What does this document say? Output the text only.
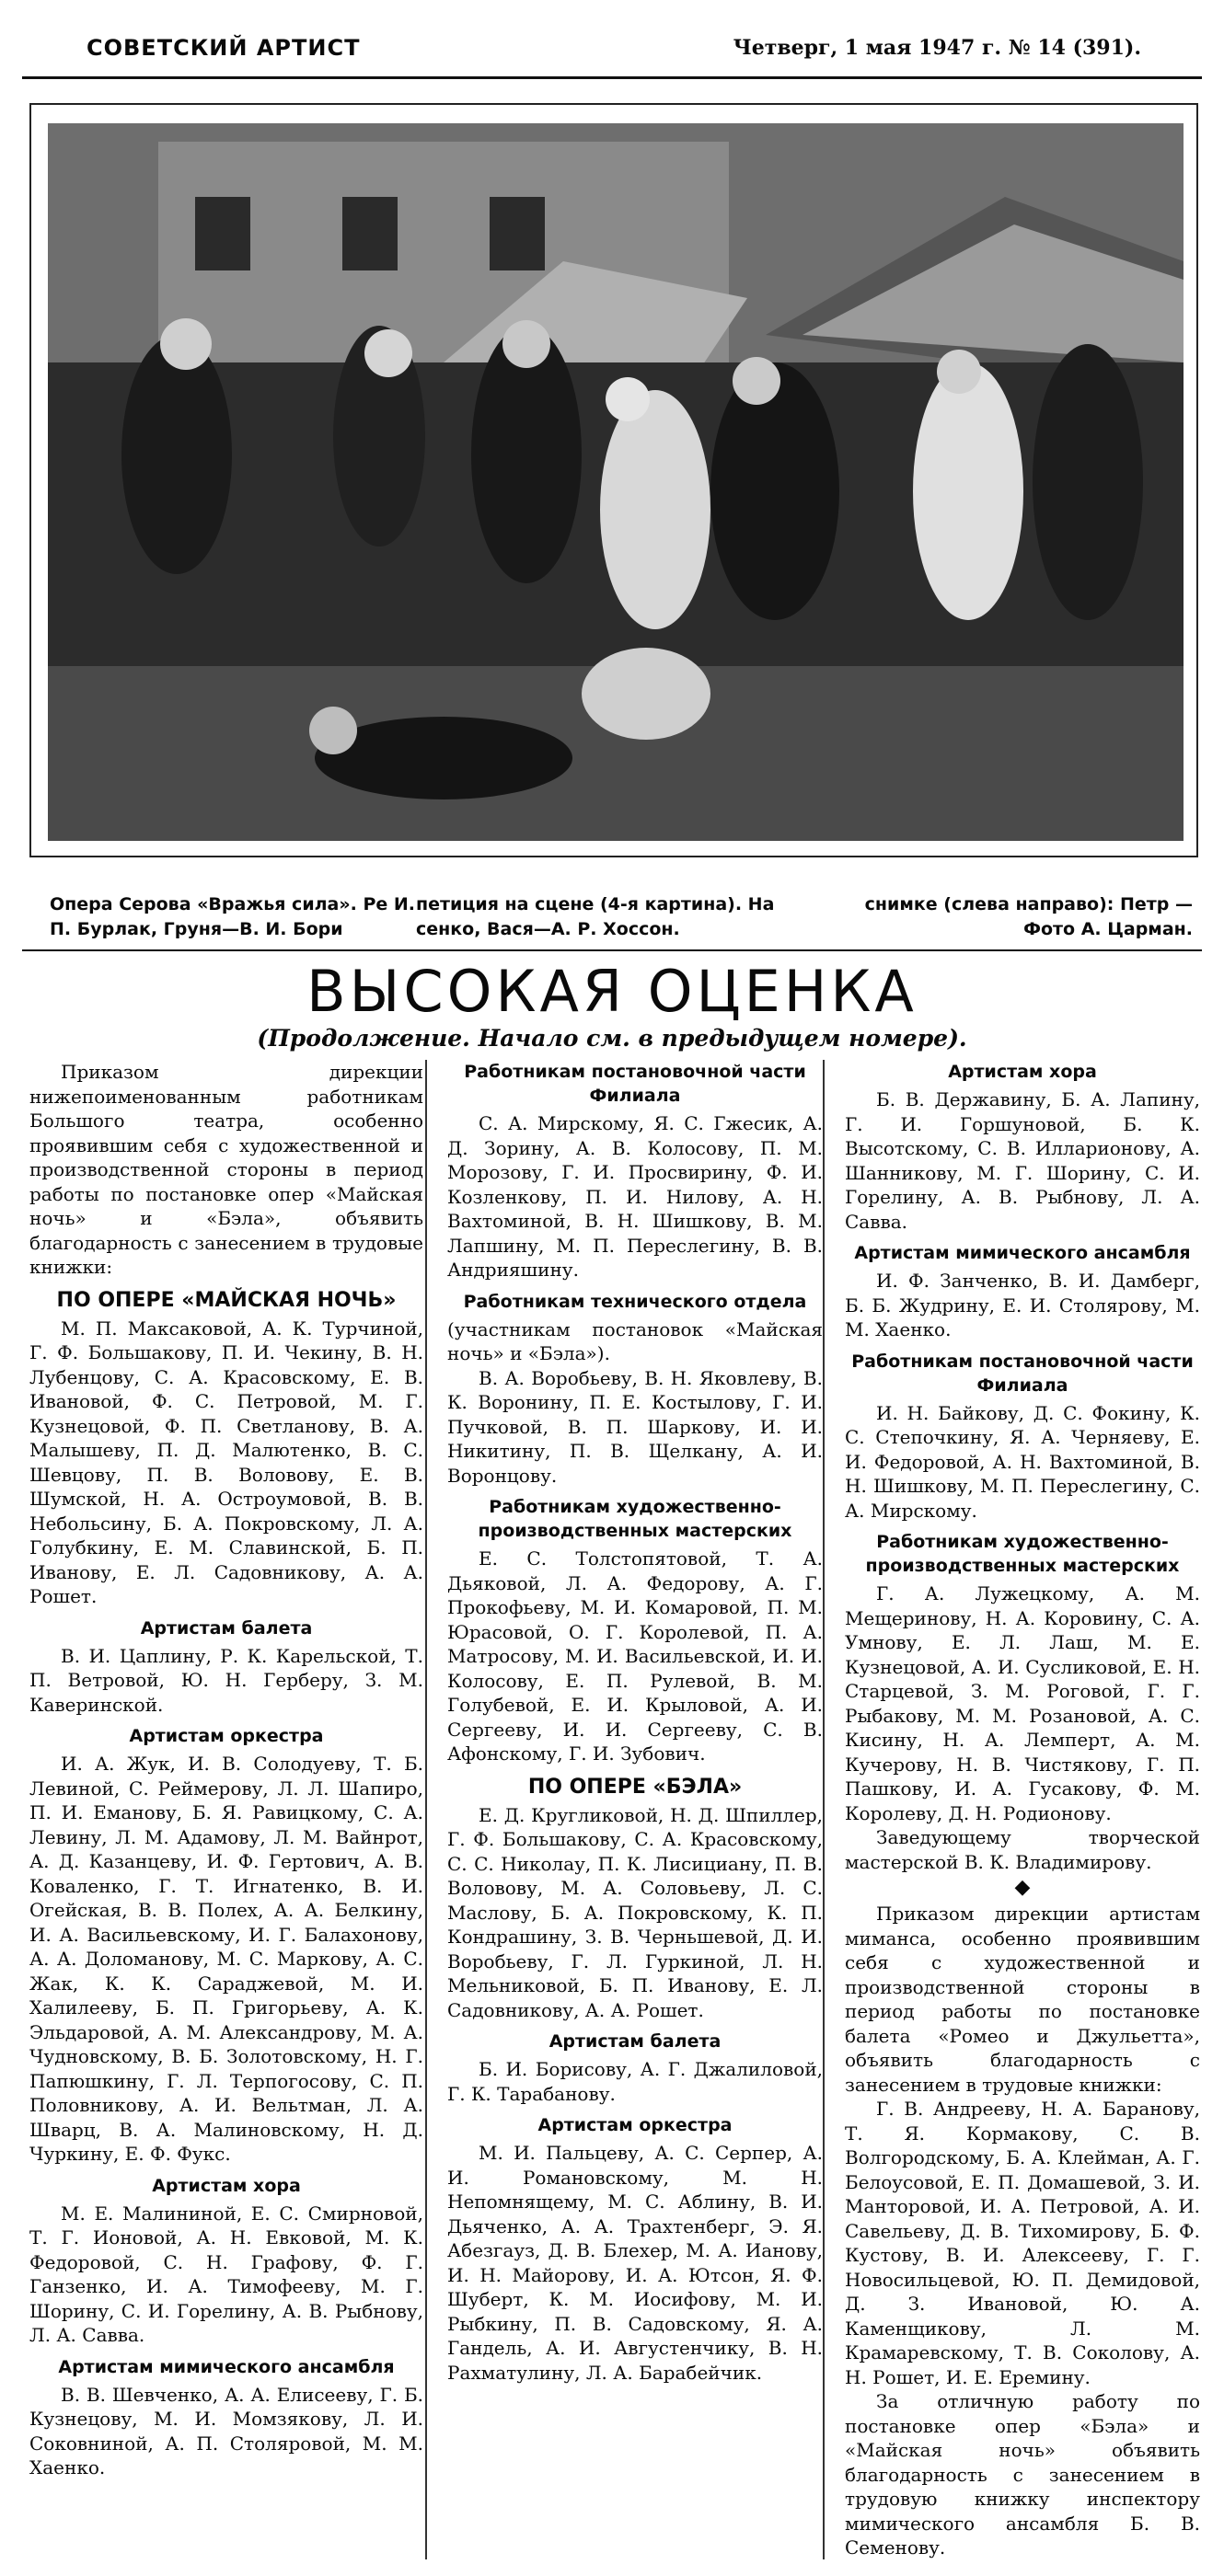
СОВЕТСКИЙ АРТИСТ	Четверг, 1 мая 1947 г. № 14 (391).
Опера Серова «Вражья сила». Ре И. П. Бурлак, Груня—В. И. Бори
петиция на сцене (4-я картина). На сенко, Вася—А. Р. Хоссон.
снимке (слева направо): Петр — Фото А. Царман.
ВЫСОКАЯ ОЦЕНКА
(Продолжение. Начало см. в предыдущем номере).

Приказом дирекции нижепоименованным работникам Большого театра, особенно проявившим себя с художественной и производственной стороны в период работы по постановке опер «Майская ночь» и «Бэла», объявить благодарность с занесением в трудовые книжки:

ПО ОПЕРЕ «МАЙСКАЯ НОЧЬ»

М. П. Максаковой, А. К. Турчиной, Г. Ф. Большакову, П. И. Чекину, В. Н. Лубенцову, С. А. Красовскому, Е. В. Ивановой, Ф. С. Петровой, М. Г. Кузнецовой, Ф. П. Светланову, В. А. Малышеву, П. Д. Малютенко, В. С. Шевцову, П. В. Воловову, Е. В. Шумской, Н. А. Остроумовой, В. В. Небольсину, Б. А. Покровскому, Л. А. Голубкину, Е. М. Славинской, Б. П. Иванову, Е. Л. Садовникову, А. А. Рошет.

Артистам балета

В. И. Цаплину, Р. К. Карельской, Т. П. Ветровой, Ю. Н. Герберу, З. М. Каверинской.

Артистам оркестра

И. А. Жук, И. В. Солодуеву, Т. Б. Левиной, С. Реймерову, Л. Л. Шапиро, П. И. Еманову, Б. Я. Равицкому, С. А. Левину, Л. М. Адамову, Л. М. Вайнрот, А. Д. Казанцеву, И. Ф. Гертович, А. В. Коваленко, Г. Т. Игнатенко, В. И. Огейская, В. В. Полех, А. А. Белкину, И. А. Васильевскому, И. Г. Балахонову, А. А. Доломанову, М. С. Маркову, А. С. Жак, К. К. Сараджевой, М. И. Халилееву, Б. П. Григорьеву, А. К. Эльдаровой, А. М. Александрову, М. А. Чудновскому, В. Б. Золотовскому, Н. Г. Папюшкину, Г. Л. Терпогосову, С. П. Половникову, А. И. Вельтман, Л. А. Шварц, В. А. Малиновскому, Н. Д. Чуркину, Е. Ф. Фукс.

Артистам хора

М. Е. Малининой, Е. С. Смирновой, Т. Г. Ионовой, А. Н. Евковой, М. К. Федоровой, С. Н. Графову, Ф. Г. Ганзенко, И. А. Тимофееву, М. Г. Шорину, С. И. Горелину, А. В. Рыбнову, Л. А. Савва.

Артистам мимического ансамбля

В. В. Шевченко, А. А. Елисееву, Г. Б. Кузнецову, М. И. Момзякову, Л. И. Соковниной, А. П. Столяровой, М. М. Хаенко.

Работникам постановочной части Филиала

С. А. Мирскому, Я. С. Гжесик, А. Д. Зорину, А. В. Колосову, П. М. Морозову, Г. И. Просвирину, Ф. И. Козленкову, П. И. Нилову, А. Н. Вахтоминой, В. Н. Шишкову, В. М. Лапшину, М. П. Переслегину, В. В. Андрияшину.

Работникам технического отдела

(участникам постановок «Майская ночь» и «Бэла»).

В. А. Воробьеву, В. Н. Яковлеву, В. К. Воронину, П. Е. Костылову, Г. И. Пучковой, В. П. Шаркову, И. И. Никитину, П. В. Щелкану, А. И. Воронцову.

Работникам художественно-производственных мастерских

Е. С. Толстопятовой, Т. А. Дьяковой, Л. А. Федорову, А. Г. Прокофьеву, М. И. Комаровой, П. М. Юрасовой, О. Г. Королевой, П. А. Матросову, М. И. Васильевской, И. И. Колосову, Е. П. Рулевой, В. М. Голубевой, Е. И. Крыловой, А. И. Сергееву, И. И. Сергееву, С. В. Афонскому, Г. И. Зубович.

ПО ОПЕРЕ «БЭЛА»

Е. Д. Кругликовой, Н. Д. Шпиллер, Г. Ф. Большакову, С. А. Красовскому, С. С. Николау, П. К. Лисициану, П. В. Воловову, М. А. Соловьеву, Л. С. Маслову, Б. А. Покровскому, К. П. Кондрашину, З. В. Черньшевой, Д. И. Воробьеву, Г. Л. Гуркиной, Л. Н. Мельниковой, Б. П. Иванову, Е. Л. Садовникову, А. А. Рошет.

Артистам балета

Б. И. Борисову, А. Г. Джалиловой, Г. К. Тарабанову.

Артистам оркестра

М. И. Пальцеву, А. С. Серпер, А. И. Романовскому, М. Н. Непомнящему, М. С. Аблину, В. И. Дьяченко, А. А. Трахтенберг, Э. Я. Абезгауз, Д. В. Блехер, М. А. Ианову, И. Н. Майорову, И. А. Ютсон, Я. Ф. Шуберт, К. М. Иосифову, М. И. Рыбкину, П. В. Садовскому, Я. А. Гандель, А. И. Августенчику, В. Н. Рахматулину, Л. А. Барабейчик.

Артистам хора

Б. В. Державину, Б. А. Лапину, Г. И. Горшуновой, Б. К. Высотскому, С. В. Илларионову, А. Шанникову, М. Г. Шорину, С. И. Горелину, А. В. Рыбнову, Л. А. Савва.

Артистам мимического ансамбля

И. Ф. Занченко, В. И. Дамберг, Б. Б. Жудрину, Е. И. Столярову, М. М. Хаенко.

Работникам постановочной части Филиала

И. Н. Байкову, Д. С. Фокину, К. С. Степочкину, Я. А. Черняеву, Е. И. Федоровой, А. Н. Вахтоминой, В. Н. Шишкову, М. П. Переслегину, С. А. Мирскому.

Работникам художественно-производственных мастерских

Г. А. Лужецкому, А. М. Мещеринову, Н. А. Коровину, С. А. Умнову, Е. Л. Лаш, М. Е. Кузнецовой, А. И. Сусликовой, Е. Н. Старцевой, З. М. Роговой, Г. Г. Рыбакову, М. М. Розановой, А. С. Кисину, Н. А. Лемперт, А. М. Кучерову, Н. В. Чистякову, Г. П. Пашкову, И. А. Гусакову, Ф. М. Королеву, Д. Н. Родионову.

Заведующему творческой мастерской В. К. Владимирову.

◆

Приказом дирекции артистам миманса, особенно проявившим себя с художественной и производственной стороны в период работы по постановке балета «Ромео и Джульетта», объявить благодарность с занесением в трудовые книжки:

Г. В. Андрееву, Н. А. Баранову, Т. Я. Кормакову, С. В. Волгородскому, Б. А. Клейман, А. Г. Белоусовой, Е. П. Домашевой, З. И. Манторовой, И. А. Петровой, А. И. Савельеву, Д. В. Тихомирову, Б. Ф. Кустову, В. И. Алексееву, Г. Г. Новосильцевой, Ю. П. Демидовой, Д. З. Ивановой, Ю. А. Каменщикову, Л. М. Крамаревскому, Т. В. Соколову, А. Н. Рошет, И. Е. Еремину.

За отличную работу по постановке опер «Бэла» и «Майская ночь» объявить благодарность с занесением в трудовую книжку инспектору мимического ансамбля Б. В. Семенову.
